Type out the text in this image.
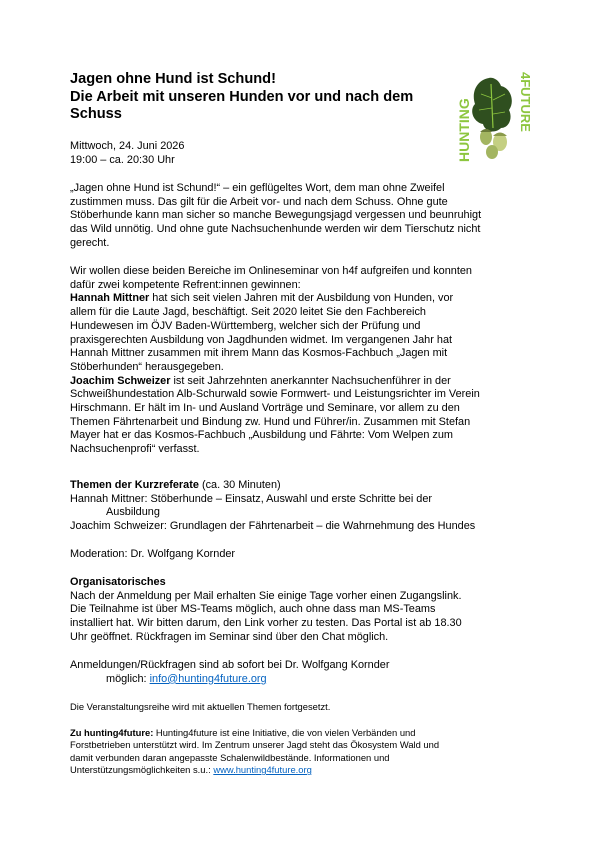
Jagen ohne Hund ist Schund!
Die Arbeit mit unseren Hunden vor und nach dem
Schuss	HUNTING	4FUTURE
Mittwoch, 24. Juni 2026
19:00 – ca. 20:30 Uhr
„Jagen ohne Hund ist Schund!“ – ein geflügeltes Wort, dem man ohne Zweifel
zustimmen muss. Das gilt für die Arbeit vor- und nach dem Schuss. Ohne gute
Stöberhunde kann man sicher so manche Bewegungsjagd vergessen und beunruhigt
das Wild unnötig. Und ohne gute Nachsuchenhunde werden wir dem Tierschutz nicht
gerecht.
Wir wollen diese beiden Bereiche im Onlineseminar von h4f aufgreifen und konnten
dafür zwei kompetente Refrent:innen gewinnen:
Hannah Mittner hat sich seit vielen Jahren mit der Ausbildung von Hunden, vor
allem für die Laute Jagd, beschäftigt. Seit 2020 leitet Sie den Fachbereich
Hundewesen im ÖJV Baden-Württemberg, welcher sich der Prüfung und
praxisgerechten Ausbildung von Jagdhunden widmet. Im vergangenen Jahr hat
Hannah Mittner zusammen mit ihrem Mann das Kosmos-Fachbuch „Jagen mit
Stöberhunden“ herausgegeben.
Joachim Schweizer ist seit Jahrzehnten anerkannter Nachsuchenführer in der
Schweißhundestation Alb-Schurwald sowie Formwert- und Leistungsrichter im Verein
Hirschmann. Er hält im In- und Ausland Vorträge und Seminare, vor allem zu den
Themen Fährtenarbeit und Bindung zw. Hund und Führer/in. Zusammen mit Stefan
Mayer hat er das Kosmos-Fachbuch „Ausbildung und Fährte: Vom Welpen zum
Nachsuchenprofi“ verfasst.
Themen der Kurzreferate (ca. 30 Minuten)
Hannah Mittner: Stöberhunde – Einsatz, Auswahl und erste Schritte bei der
Ausbildung
Joachim Schweizer: Grundlagen der Fährtenarbeit – die Wahrnehmung des Hundes
Moderation: Dr. Wolfgang Kornder
Organisatorisches
Nach der Anmeldung per Mail erhalten Sie einige Tage vorher einen Zugangslink.
Die Teilnahme ist über MS-Teams möglich, auch ohne dass man MS-Teams
installiert hat. Wir bitten darum, den Link vorher zu testen. Das Portal ist ab 18.30
Uhr geöffnet. Rückfragen im Seminar sind über den Chat möglich.
Anmeldungen/Rückfragen sind ab sofort bei Dr. Wolfgang Kornder
möglich: info@hunting4future.org
Die Veranstaltungsreihe wird mit aktuellen Themen fortgesetzt.
Zu hunting4future: Hunting4future ist eine Initiative, die von vielen Verbänden und
Forstbetrieben unterstützt wird. Im Zentrum unserer Jagd steht das Ökosystem Wald und
damit verbunden daran angepasste Schalenwildbestände. Informationen und
Unterstützungsmöglichkeiten s.u.: www.hunting4future.org
